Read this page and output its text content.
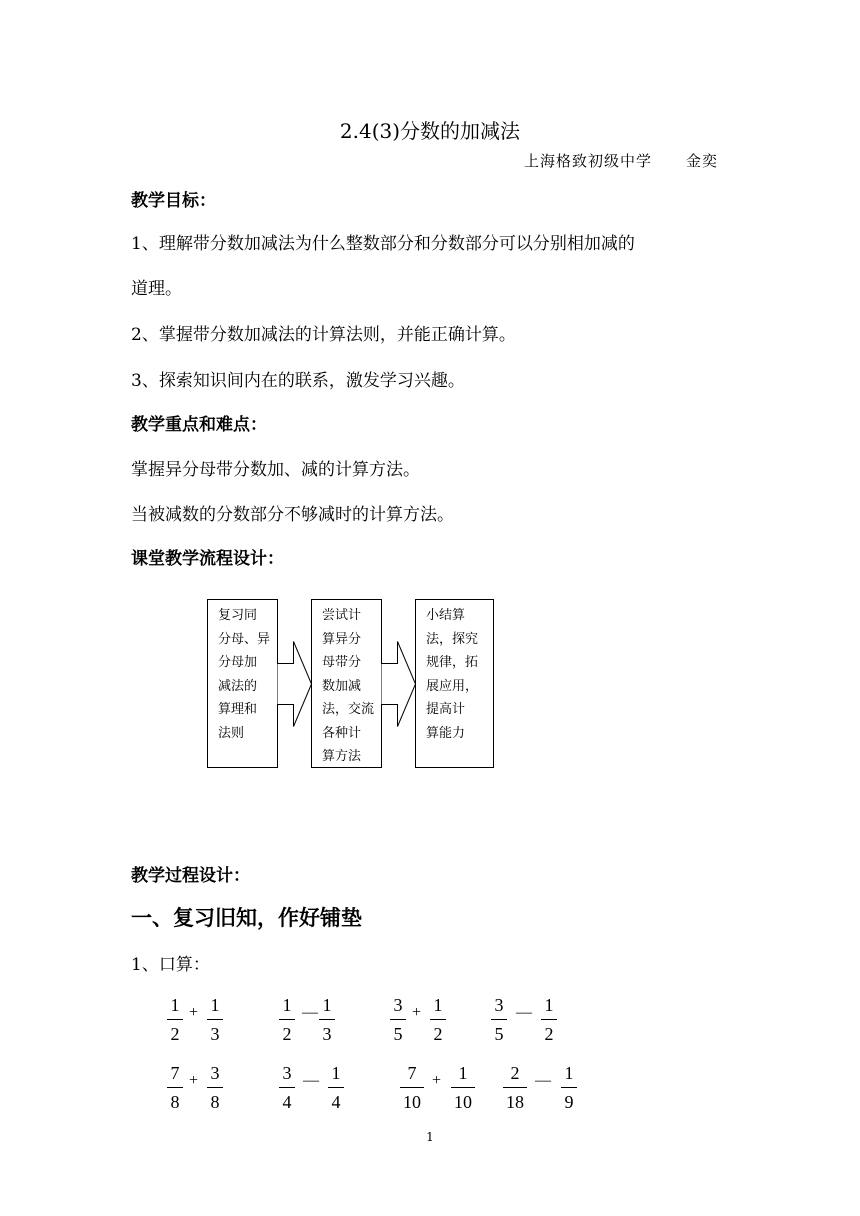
2.4(3)分数的加减法
上海格致初级中学 金奕
教学目标：
1、理解带分数加减法为什么整数部分和分数部分可以分别相加减的
道理。
2、掌握带分数加减法的计算法则，并能正确计算。
3、探索知识间内在的联系，激发学习兴趣。
教学重点和难点：
掌握异分母带分数加、减的计算方法。
当被减数的分数部分不够减时的计算方法。
课堂教学流程设计：
复习同
分母、异
分母加
减法的
算理和
法则
尝试计
算异分
母带分
数加减
法，交流
各种计
算方法
小结算
法，探究
规律，拓
展应用，
提高计
算能力
教学过程设计：
一、复习旧知，作好铺垫
1、口算：
1
2
+ 1
3
1
2
— 1
3
3
5
+ 1
2
3
5
— 1
2
7
8
+ 3
8
3
4
— 1
4
7
10
+ 1
10
2
18
— 1
9
1
